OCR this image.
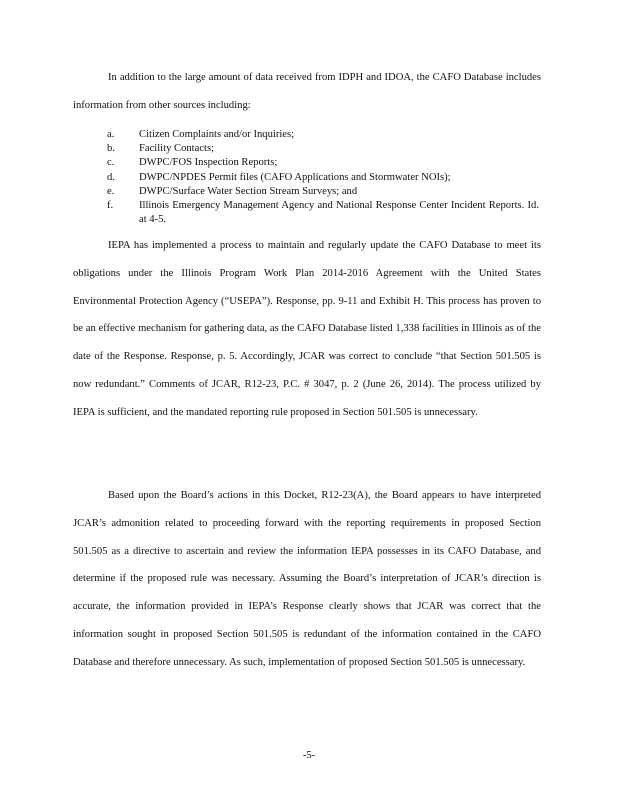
In addition to the large amount of data received from IDPH and IDOA, the CAFO Database includes information from other sources including:

a. Citizen Complaints and/or Inquiries;
b. Facility Contacts;
c. DWPC/FOS Inspection Reports;
d. DWPC/NPDES Permit files (CAFO Applications and Stormwater NOIs);
e. DWPC/Surface Water Section Stream Surveys; and
f. Illinois Emergency Management Agency and National Response Center Incident Reports. Id. at 4-5.

IEPA has implemented a process to maintain and regularly update the CAFO Database to meet its obligations under the Illinois Program Work Plan 2014-2016 Agreement with the United States Environmental Protection Agency (“USEPA”). Response, pp. 9-11 and Exhibit H. This process has proven to be an effective mechanism for gathering data, as the CAFO Database listed 1,338 facilities in Illinois as of the date of the Response. Response, p. 5. Accordingly, JCAR was correct to conclude “that Section 501.505 is now redundant.” Comments of JCAR, R12-23, P.C. # 3047, p. 2 (June 26, 2014). The process utilized by IEPA is sufficient, and the mandated reporting rule proposed in Section 501.505 is unnecessary.

Based upon the Board’s actions in this Docket, R12-23(A), the Board appears to have interpreted JCAR’s admonition related to proceeding forward with the reporting requirements in proposed Section 501.505 as a directive to ascertain and review the information IEPA possesses in its CAFO Database, and determine if the proposed rule was necessary. Assuming the Board’s interpretation of JCAR’s direction is accurate, the information provided in IEPA’s Response clearly shows that JCAR was correct that the information sought in proposed Section 501.505 is redundant of the information contained in the CAFO Database and therefore unnecessary. As such, implementation of proposed Section 501.505 is unnecessary.

-5-
